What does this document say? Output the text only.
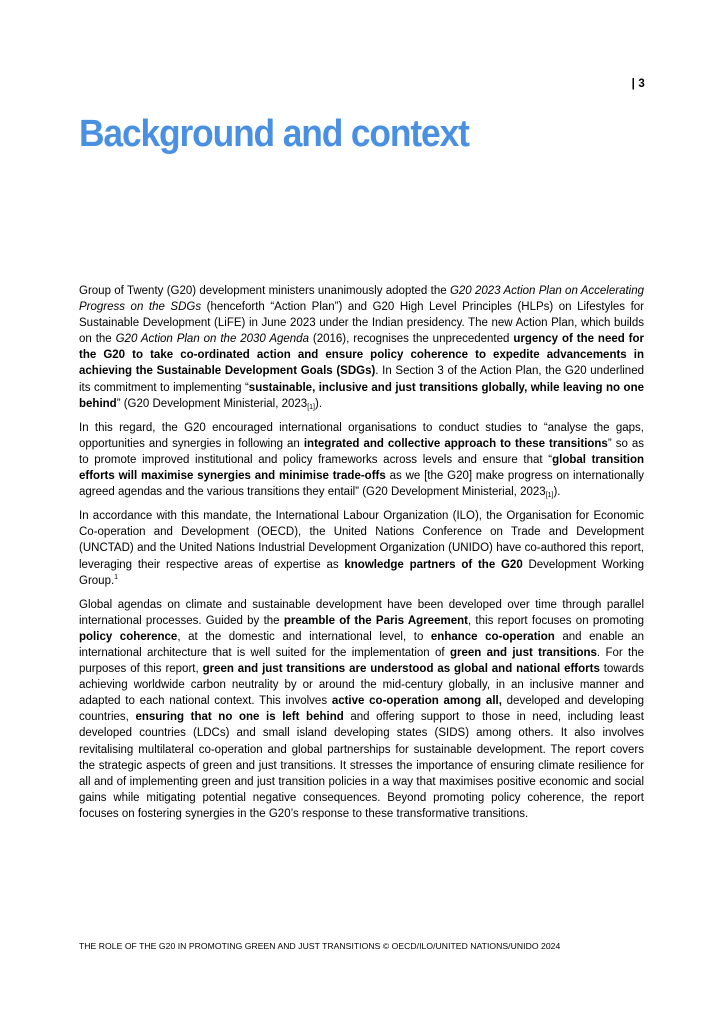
| 3
Background and context

Group of Twenty (G20) development ministers unanimously adopted the G20 2023 Action Plan on Accelerating Progress on the SDGs (henceforth “Action Plan”) and G20 High Level Principles (HLPs) on Lifestyles for Sustainable Development (LiFE) in June 2023 under the Indian presidency. The new Action Plan, which builds on the G20 Action Plan on the 2030 Agenda (2016), recognises the unprecedented urgency of the need for the G20 to take co-ordinated action and ensure policy coherence to expedite advancements in achieving the Sustainable Development Goals (SDGs). In Section 3 of the Action Plan, the G20 underlined its commitment to implementing “sustainable, inclusive and just transitions globally, while leaving no one behind” (G20 Development Ministerial, $2023_{[1]}$).

In this regard, the G20 encouraged international organisations to conduct studies to “analyse the gaps, opportunities and synergies in following an integrated and collective approach to these transitions” so as to promote improved institutional and policy frameworks across levels and ensure that “global transition efforts will maximise synergies and minimise trade-offs as we [the G20] make progress on internationally agreed agendas and the various transitions they entail” (G20 Development Ministerial, $2023_{[1]}$).

In accordance with this mandate, the International Labour Organization (ILO), the Organisation for Economic Co-operation and Development (OECD), the United Nations Conference on Trade and Development (UNCTAD) and the United Nations Industrial Development Organization (UNIDO) have co-authored this report, leveraging their respective areas of expertise as knowledge partners of the G20 Development Working Group.$^1$

Global agendas on climate and sustainable development have been developed over time through parallel international processes. Guided by the preamble of the Paris Agreement, this report focuses on promoting policy coherence, at the domestic and international level, to enhance co-operation and enable an international architecture that is well suited for the implementation of green and just transitions. For the purposes of this report, green and just transitions are understood as global and national efforts towards achieving worldwide carbon neutrality by or around the mid-century globally, in an inclusive manner and adapted to each national context. This involves active co-operation among all, developed and developing countries, ensuring that no one is left behind and offering support to those in need, including least developed countries (LDCs) and small island developing states (SIDS) among others. It also involves revitalising multilateral co-operation and global partnerships for sustainable development. The report covers the strategic aspects of green and just transitions. It stresses the importance of ensuring climate resilience for all and of implementing green and just transition policies in a way that maximises positive economic and social gains while mitigating potential negative consequences. Beyond promoting policy coherence, the report focuses on fostering synergies in the G20’s response to these transformative transitions.

THE ROLE OF THE G20 IN PROMOTING GREEN AND JUST TRANSITIONS © OECD/ILO/UNITED NATIONS/UNIDO 2024
